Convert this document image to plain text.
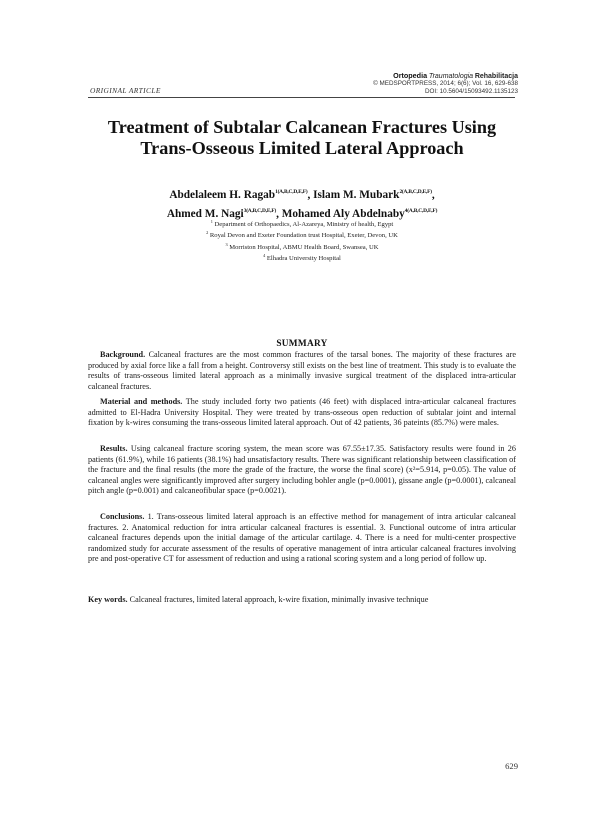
Ortopedia Traumatologia Rehabilitacja
© MEDSPORTPRESS, 2014; 6(6); Vol. 16, 629-638
DOI: 10.5604/15093492.1135123
ORIGINAL ARTICLE
Treatment of Subtalar Calcanean Fractures Using
Trans-Osseous Limited Lateral Approach
Abdelaleem H. Ragab$^{1(A,B,C,D,E,F)}$, Islam M. Mubark$^{2(A,B,C,D,E,F)}$,
Ahmed M. Nagi$^{3(A,B,C,D,E,F)}$, Mohamed Aly Abdelnaby$^{4(A,B,C,D,E,F)}$
$^1$ Department of Orthopaedics, Al-Azareya, Ministry of health, Egypt
$^2$ Royal Devon and Exeter Foundation trust Hospital, Exeter, Devon, UK
$^3$ Morriston Hospital, ABMU Health Board, Swansea, UK
$^4$ Elhadra University Hospital
SUMMARY

Background. Calcaneal fractures are the most common fractures of the tarsal bones. The majority of these fractures are produced by axial force like a fall from a height. Controversy still exists on the best line of treatment. This study is to evaluate the results of trans-osseous limited lateral approach as a minimally invasive surgical treatment of the displaced intra-articular calcaneal fractures.

Material and methods. The study included forty two patients (46 feet) with displaced intra-articular calcaneal fractures admitted to El-Hadra University Hospital. They were treated by trans-osseous open reduction of subtalar joint and internal fixation by k-wires consuming the trans-osseous limited lateral approach. Out of 42 patients, 36 pateints (85.7%) were males.

Results. Using calcaneal fracture scoring system, the mean score was 67.55±17.35. Satisfactory results were found in 26 patients (61.9%), while 16 patients (38.1%) had unsatisfactory results. There was significant relationship between classification of the fracture and the final results (the more the grade of the fracture, the worse the final score) (x²=5.914, p=0.05). The value of calcaneal angles were significantly improved after surgery including bohler angle (p=0.0001), gissane angle (p=0.0001), calcaneal pitch angle (p=0.001) and calcaneofibular space (p=0.0021).

Conclusions. 1. Trans-osseous limited lateral approach is an effective method for management of intra articular calcaneal fractures. 2. Anatomical reduction for intra articular calcaneal fractures is essential. 3. Functional outcome of intra articular calcaneal fractures depends upon the initial damage of the articular cartilage. 4. There is a need for multi-center prospective randomized study for accurate assessment of the results of operative management of intra articular calcaneal fractures involving pre and post-operative CT for assessment of reduction and using a rational scoring system and a long period of follow up.

Key words. Calcaneal fractures, limited lateral approach, k-wire fixation, minimally invasive technique

629
